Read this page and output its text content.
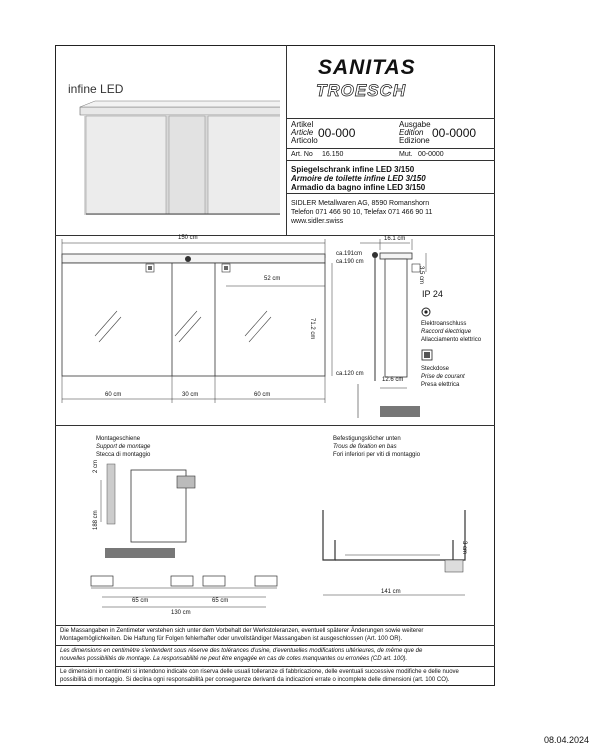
infine LED
SANITAS
TROESCH
Artikel
Article
Articolo
00-000
Ausgabe
Edition
Edizione
00-0000
Art. No 16.150	Mut. 00-0000
Spiegelschrank infine LED 3/150
Armoire de toilette infine LED 3/150
Armadio da bagno infine LED 3/150
SIDLER Metallwaren AG, 8590 Romanshorn
Telefon 071 466 90 10, Telefax 071 466 90 11
www.sidler.swiss
150 cm
52 cm
71.2 cm
60 cm	30 cm	60 cm
16.1 cm
ca.191cm
ca.190 cm
3.5 cm
IP 24
ca.120 cm
12.6 cm
Elektroanschluss
Raccord électrique
Allacciamento elettrico
Steckdose
Prise de courant
Presa elettrica
Montageschiene
Support de montage
Stecca di montaggio
2 cm
188 cm
65 cm	65 cm
130 cm
Befestigungslöcher unten
Trous de fixation en bas
Fori inferiori per viti di montaggio
3 cm
141 cm
Die Massangaben in Zentimeter verstehen sich unter dem Vorbehalt der Werkstoleranzen, eventuell späterer Änderungen sowie weiterer
Montagemöglichkeiten. Die Haftung für Folgen fehlerhafter oder unvollständiger Massangaben ist ausgeschlossen (Art. 100 OR).
Les dimensions en centimètre s'entendent sous réserve des tolérances d'usine, d'eventuelles modifications ultérieures, de même que de
nouvelles possibilités de montage. La responsabilité ne peut être engagée en cas de cotes manquantes ou erronées (CD art. 100).
Le dimensioni in centimetri si intendono indicate con riserva delle usuali tolleranze di fabbricazione, delle eventuali successive modifiche e delle nuove
possibilità di montaggio. Si declina ogni responsabilità per conseguenze derivanti da indicazioni errate o incomplete delle dimensioni (art. 100 CO).
08.04.2024
